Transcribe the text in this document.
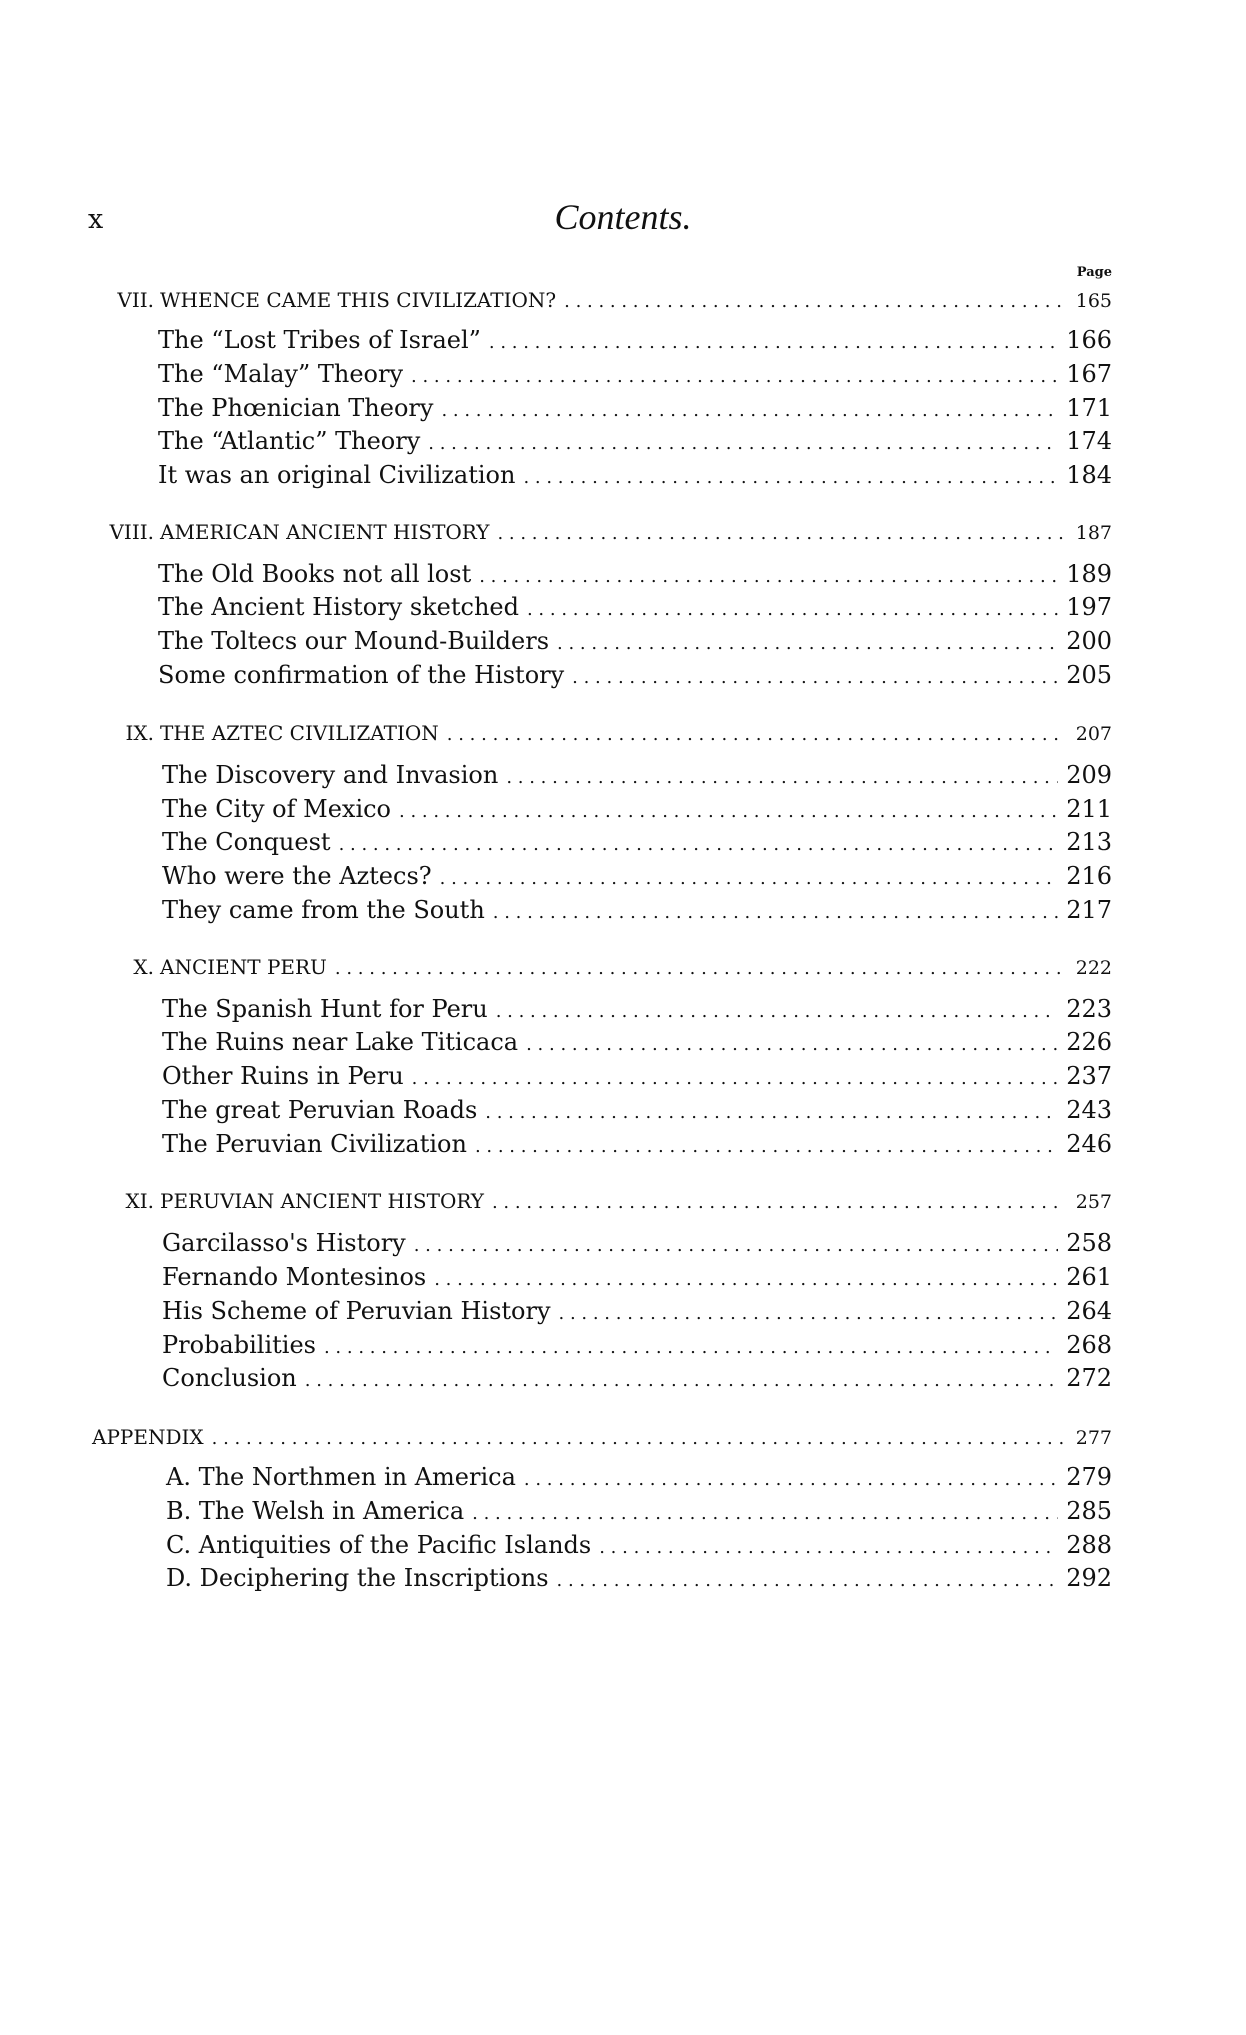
x	Contents.
Page
VII. WHENCE CAME THIS CIVILIZATION? . . .	165
The “Lost Tribes of Israel” . . .	166
The “Malay” Theory . . .	167
The Phœnician Theory . . .	171
The “Atlantic” Theory . . .	174
It was an original Civilization . . .	184
VIII. AMERICAN ANCIENT HISTORY . . .	187
The Old Books not all lost . . .	189
The Ancient History sketched . . .	197
The Toltecs our Mound-Builders . . .	200
Some confirmation of the History . . .	205
IX. THE AZTEC CIVILIZATION . . .	207
The Discovery and Invasion . . .	209
The City of Mexico . . .	211
The Conquest . . .	213
Who were the Aztecs? . . .	216
They came from the South . . .	217
X. ANCIENT PERU . . .	222
The Spanish Hunt for Peru . . .	223
The Ruins near Lake Titicaca . . .	226
Other Ruins in Peru . . .	237
The great Peruvian Roads . . .	243
The Peruvian Civilization . . .	246
XI. PERUVIAN ANCIENT HISTORY . . .	257
Garcilasso's History . . .	258
Fernando Montesinos . . .	261
His Scheme of Peruvian History . . .	264
Probabilities . . .	268
Conclusion . . .	272
APPENDIX . . .	277
A. The Northmen in America . . .	279
B. The Welsh in America . . .	285
C. Antiquities of the Pacific Islands . . .	288
D. Deciphering the Inscriptions . . .	292
